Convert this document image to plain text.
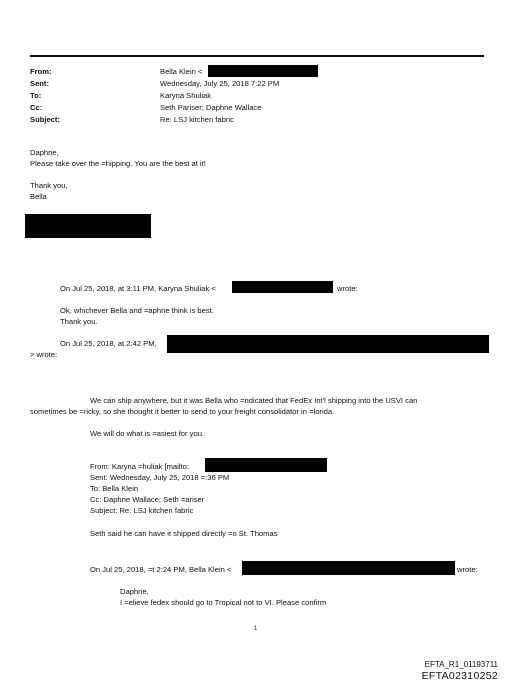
From:	Bella Klein <
Sent:	Wednesday, July 25, 2018 7:22 PM
To:	Karyna Shuliak
Cc:	Seth Pariser; Daphne Wallace
Subject:	Re: LSJ kitchen fabric
Daphne,
Please take over the =hipping. You are the best at it!
Thank you,
Bella
On Jul 25, 2018, at 3:11 PM, Karyna Shuliak <	wrote:
Ok, whichever Bella and =aphne think is best.
Thank you.
On Jul 25, 2018, at 2:42 PM,
> wrote:
We can ship anywhere, but it was Bella who =ndicated that FedEx Int'l shipping into the USVI can
sometimes be =ricky, so she thought it better to send to your freight consolidator in =lorida.
We will do what is =asiest for you.
From: Karyna =huliak [mailto:
Sent: Wednesday, July 25, 2018 =:36 PM
To: Bella Klein
Cc: Daphne Wallace; Seth =ariser
Subject: Re: LSJ kitchen fabric
Seth said he can have it shipped directly =o St. Thomas
On Jul 25, 2018, =t 2:24 PM, Bella Klein <	wrote:
Daphne,
I =elieve fedex should go to Tropical not to VI. Please confirm
1
EFTA_R1_01193711
EFTA02310252
